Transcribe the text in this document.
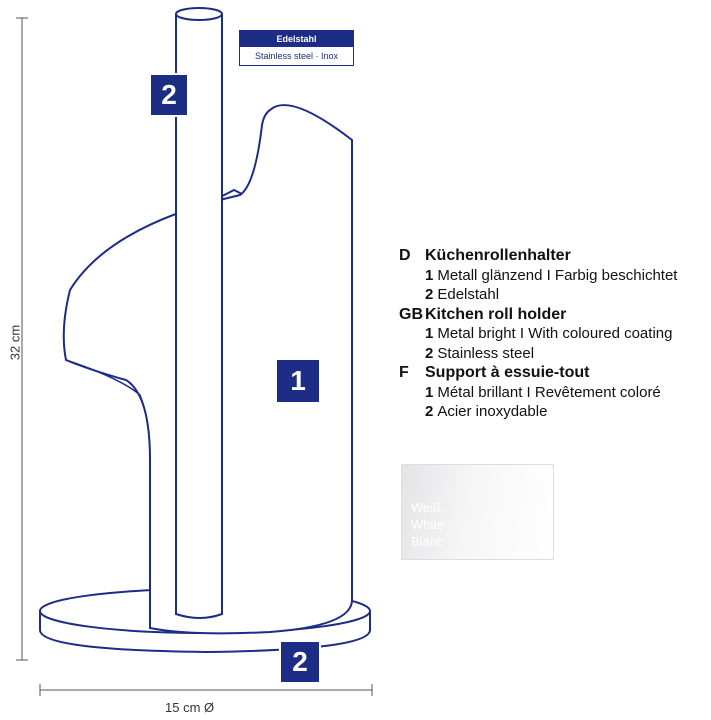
32 cm
15 cm Ø
Edelstahl
Stainless steel · Inox
2
1
2
D Küchenrollenhalter
1 Metall glänzend I Farbig beschichtet
2 Edelstahl
GB Kitchen roll holder
1 Metal bright I With coloured coating
2 Stainless steel
F Support à essuie-tout
1 Métal brillant I Revêtement coloré
2 Acier inoxydable
Weiß
White
Blanc
